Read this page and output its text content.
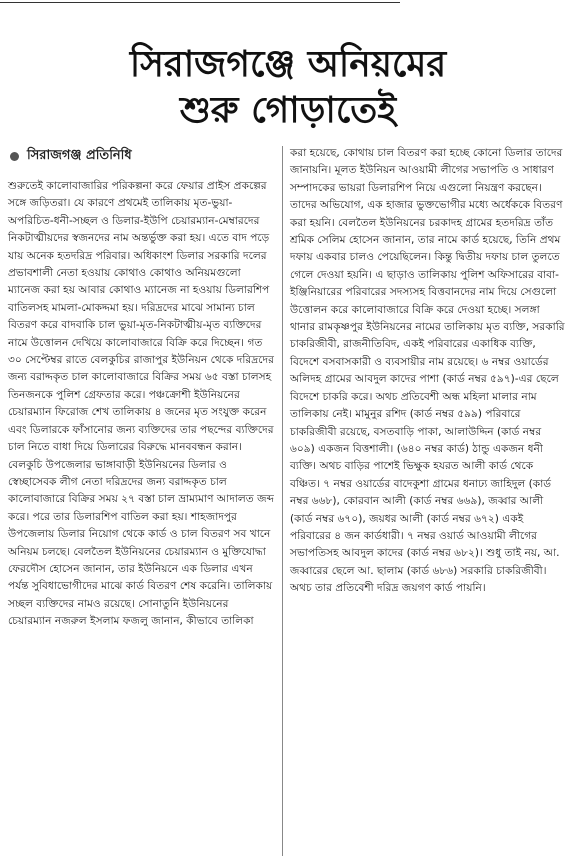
সিরাজগঞ্জে অনিয়মের
শুরু গোড়াতেই
সিরাজগঞ্জ প্রতিনিধি
শুরুতেই কালোবাজারির পরিকল্পনা করে ফেয়ার প্রাইস প্রকল্পের সঙ্গে জড়িতরা। যে কারণে প্রথমেই তালিকায় মৃত-ভুয়া-অপরিচিত-ধনী-সচ্ছল ও ডিলার-ইউপি চেয়ারম্যান-মেম্বারদের নিকটাত্মীয়দের স্বজনদের নাম অন্তর্ভুক্ত করা হয়। এতে বাদ পড়ে যায় অনেক হতদরিদ্র পরিবার। অধিকাংশ ডিলার সরকারি দলের প্রভাবশালী নেতা হওয়ায় কোথাও কোথাও অনিয়মগুলো ম্যানেজ করা হয় আবার কোথাও ম্যানেজ না হওয়ায় ডিলারশিপ বাতিলসহ মামলা-মোকদ্দমা হয়। দরিদ্রদের মাঝে সামান্য চাল বিতরণ করে বাদবাকি চাল ভুয়া-মৃত-নিকটাত্মীয়-মৃত ব্যক্তিদের নামে উত্তোলন দেখিয়ে কালোবাজারে বিক্রি করে দিচ্ছেন। গত ৩০ সেপ্টেম্বর রাতে বেলকুচির রাজাপুর ইউনিয়ন থেকে দরিদ্রদের জন্য বরাদ্দকৃত চাল কালোবাজারে বিক্রির সময় ৬৫ বস্তা চালসহ তিনজনকে পুলিশ গ্রেফতার করে। পঞ্চক্রোশী ইউনিয়নের চেয়ারম্যান ফিরোজ শেখ তালিকায় ৪ জনের মৃত সংযুক্ত করেন এবং ডিলারকে ফাঁসানোর জন্য ব্যক্তিদের তার পছন্দের ব্যক্তিদের চাল নিতে বাধা দিয়ে ডিলারের বিরুদ্ধে মানববন্ধন করান। বেলকুচি উপজেলার ভাঙ্গাবাড়ী ইউনিয়নের ডিলার ও স্বেচ্ছাসেবক লীগ নেতা দরিদ্রদের জন্য বরাদ্দকৃত চাল কালোবাজারে বিক্রির সময় ২৭ বস্তা চাল ভ্রাম্যমাণ আদালত জব্দ করে। পরে তার ডিলারশিপ বাতিল করা হয়। শাহজাদপুর উপজেলায় ডিলার নিয়োগ থেকে কার্ড ও চাল বিতরণ সব খানে অনিয়ম চলছে। বেলতৈল ইউনিয়নের চেয়ারম্যান ও মুক্তিযোদ্ধা ফেরদৌস হোসেন জানান, তার ইউনিয়নে এক ডিলার এখন পর্যন্ত সুবিধাভোগীদের মাঝে কার্ড বিতরণ শেষ করেনি। তালিকায় সচ্ছল ব্যক্তিদের নামও রয়েছে। সোনাতুনি ইউনিয়নের চেয়ারম্যান নজরুল ইসলাম ফজলু জানান, কীভাবে তালিকা
করা হয়েছে, কোথায় চাল বিতরণ করা হচ্ছে কোনো ডিলার তাদের জানায়নি। মূলত ইউনিয়ন আওয়ামী লীগের সভাপতি ও সাধারণ সম্পাদকের ভায়রা ডিলারশিপ নিয়ে এগুলো নিয়ন্ত্রণ করছেন। তাদের অভিযোগ, এক হাজার ভুক্তভোগীর মধ্যে অর্ধেককে বিতরণ করা হয়নি। বেলতৈল ইউনিয়নের চরকাদহ গ্রামের হতদরিদ্র তাঁত শ্রমিক সেলিম হোসেন জানান, তার নামে কার্ড হয়েছে, তিনি প্রথম দফায় একবার চালও পেয়েছিলেন। কিন্তু দ্বিতীয় দফায় চাল তুলতে গেলে দেওয়া হয়নি। এ ছাড়াও তালিকায় পুলিশ অফিসারের বাবা-ইঞ্জিনিয়ারের পরিবারের সদস্যসহ বিত্তবানদের নাম দিয়ে সেগুলো উত্তোলন করে কালোবাজারে বিক্রি করে দেওয়া হচ্ছে। সলঙ্গা থানার রামকৃষ্ণপুর ইউনিয়নের নামের তালিকায় মৃত ব্যক্তি, সরকারি চাকরিজীবী, রাজনীতিবিদ, একই পরিবারের একাধিক ব্যক্তি, বিদেশে বসবাসকারী ও ব্যবসায়ীর নাম রয়েছে। ৬ নম্বর ওয়ার্ডের অলিদহ গ্রামের আবদুল কাদের পাশা (কার্ড নম্বর ৫৯৭)-এর ছেলে বিদেশে চাকরি করে। অথচ প্রতিবেশী অন্ধ মহিলা মালার নাম তালিকায় নেই। মামুনুর রশিদ (কার্ড নম্বর ৫৯৯) পরিবারে চাকরিজীবী রয়েছে, বসতবাড়ি পাকা, আলাউদ্দিন (কার্ড নম্বর ৬০৯) একজন বিত্তশালী। (৬৪০ নম্বর কার্ড) ঠান্ডু একজন ধনী ব্যক্তি। অথচ বাড়ির পাশেই ভিক্ষুক হযরত আলী কার্ড থেকে বঞ্চিত। ৭ নম্বর ওয়ার্ডের বাদেকুশা গ্রামের ধনাঢ্য জাহিদুল (কার্ড নম্বর ৬৬৮), কোরবান আলী (কার্ড নম্বর ৬৬৯), জব্বার আলী (কার্ড নম্বর ৬৭০), জয়ধর আলী (কার্ড নম্বর ৬৭২) একই পরিবারের ৪ জন কার্ডধারী। ৭ নম্বর ওয়ার্ড আওয়ামী লীগের সভাপতিসহ আবদুল কাদের (কার্ড নম্বর ৬৮২)। শুধু তাই নয়, আ. জব্বারের ছেলে আ. ছালাম (কার্ড ৬৮৬) সরকারি চাকরিজীবী। অথচ তার প্রতিবেশী দরিদ্র জয়গণ কার্ড পায়নি।
